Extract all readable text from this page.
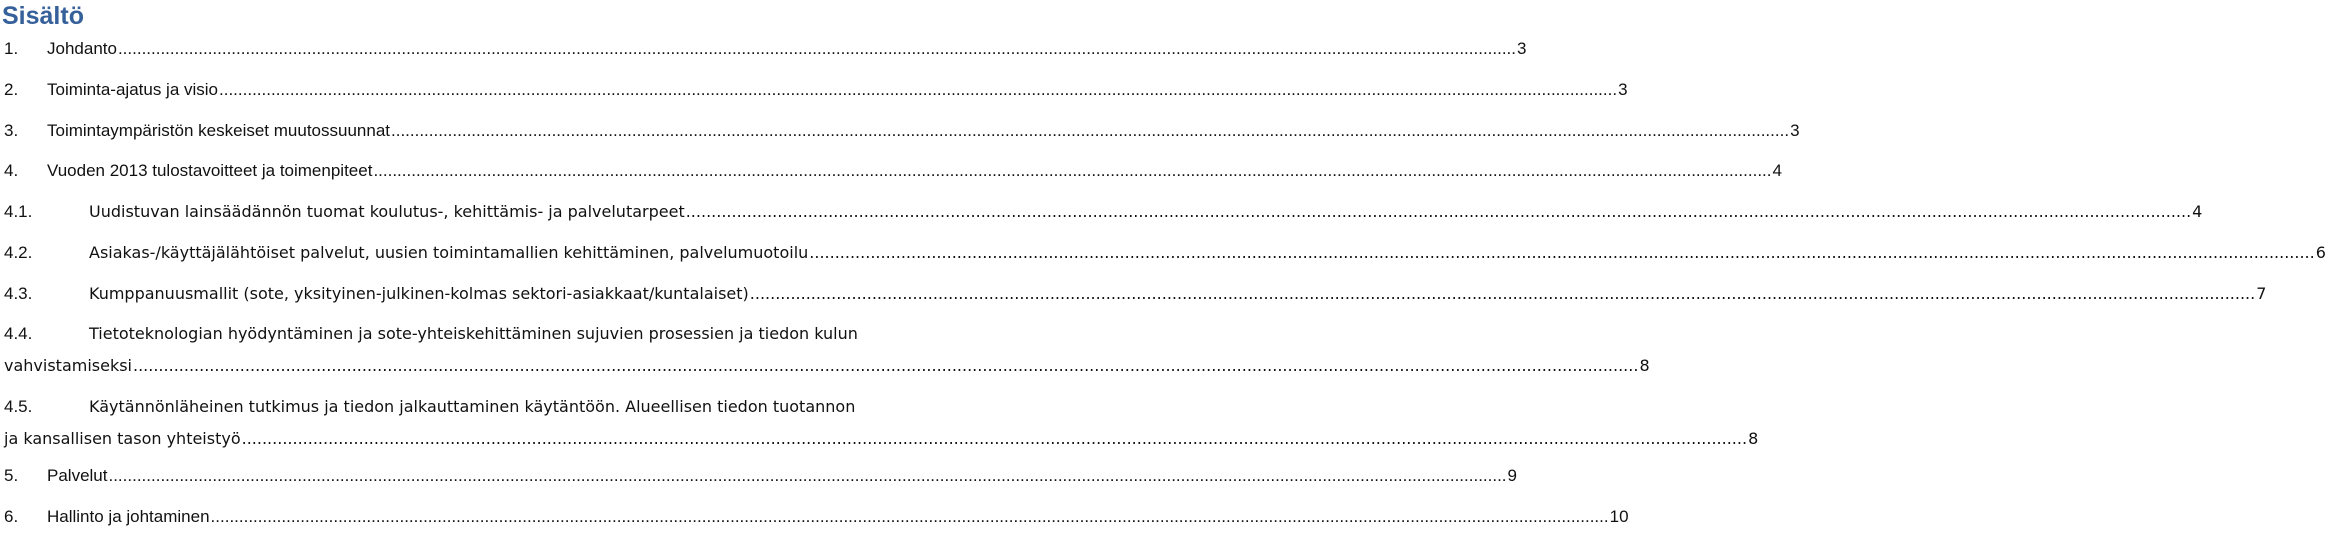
Sisältö
1.	Johdanto .....	3
2.	Toiminta-ajatus ja visio .....	3
3.	Toimintaympäristön keskeiset muutossuunnat .....	3
4.	Vuoden 2013 tulostavoitteet ja toimenpiteet .....	4
4.1.	Uudistuvan lainsäädännön tuomat koulutus-, kehittämis- ja palvelutarpeet .....	4
4.2.	Asiakas-/käyttäjälähtöiset palvelut, uusien toimintamallien kehittäminen, palvelumuotoilu .....	6
4.3.	Kumppanuusmallit (sote, yksityinen-julkinen-kolmas sektori-asiakkaat/kuntalaiset) .....	7
4.4.	Tietoteknologian hyödyntäminen ja sote-yhteiskehittäminen sujuvien prosessien ja tiedon kulun
vahvistamiseksi .....	8
4.5.	Käytännönläheinen tutkimus ja tiedon jalkauttaminen käytäntöön. Alueellisen tiedon tuotannon
ja kansallisen tason yhteistyö .....	8
5.	Palvelut .....	9
6.	Hallinto ja johtaminen .....	10
